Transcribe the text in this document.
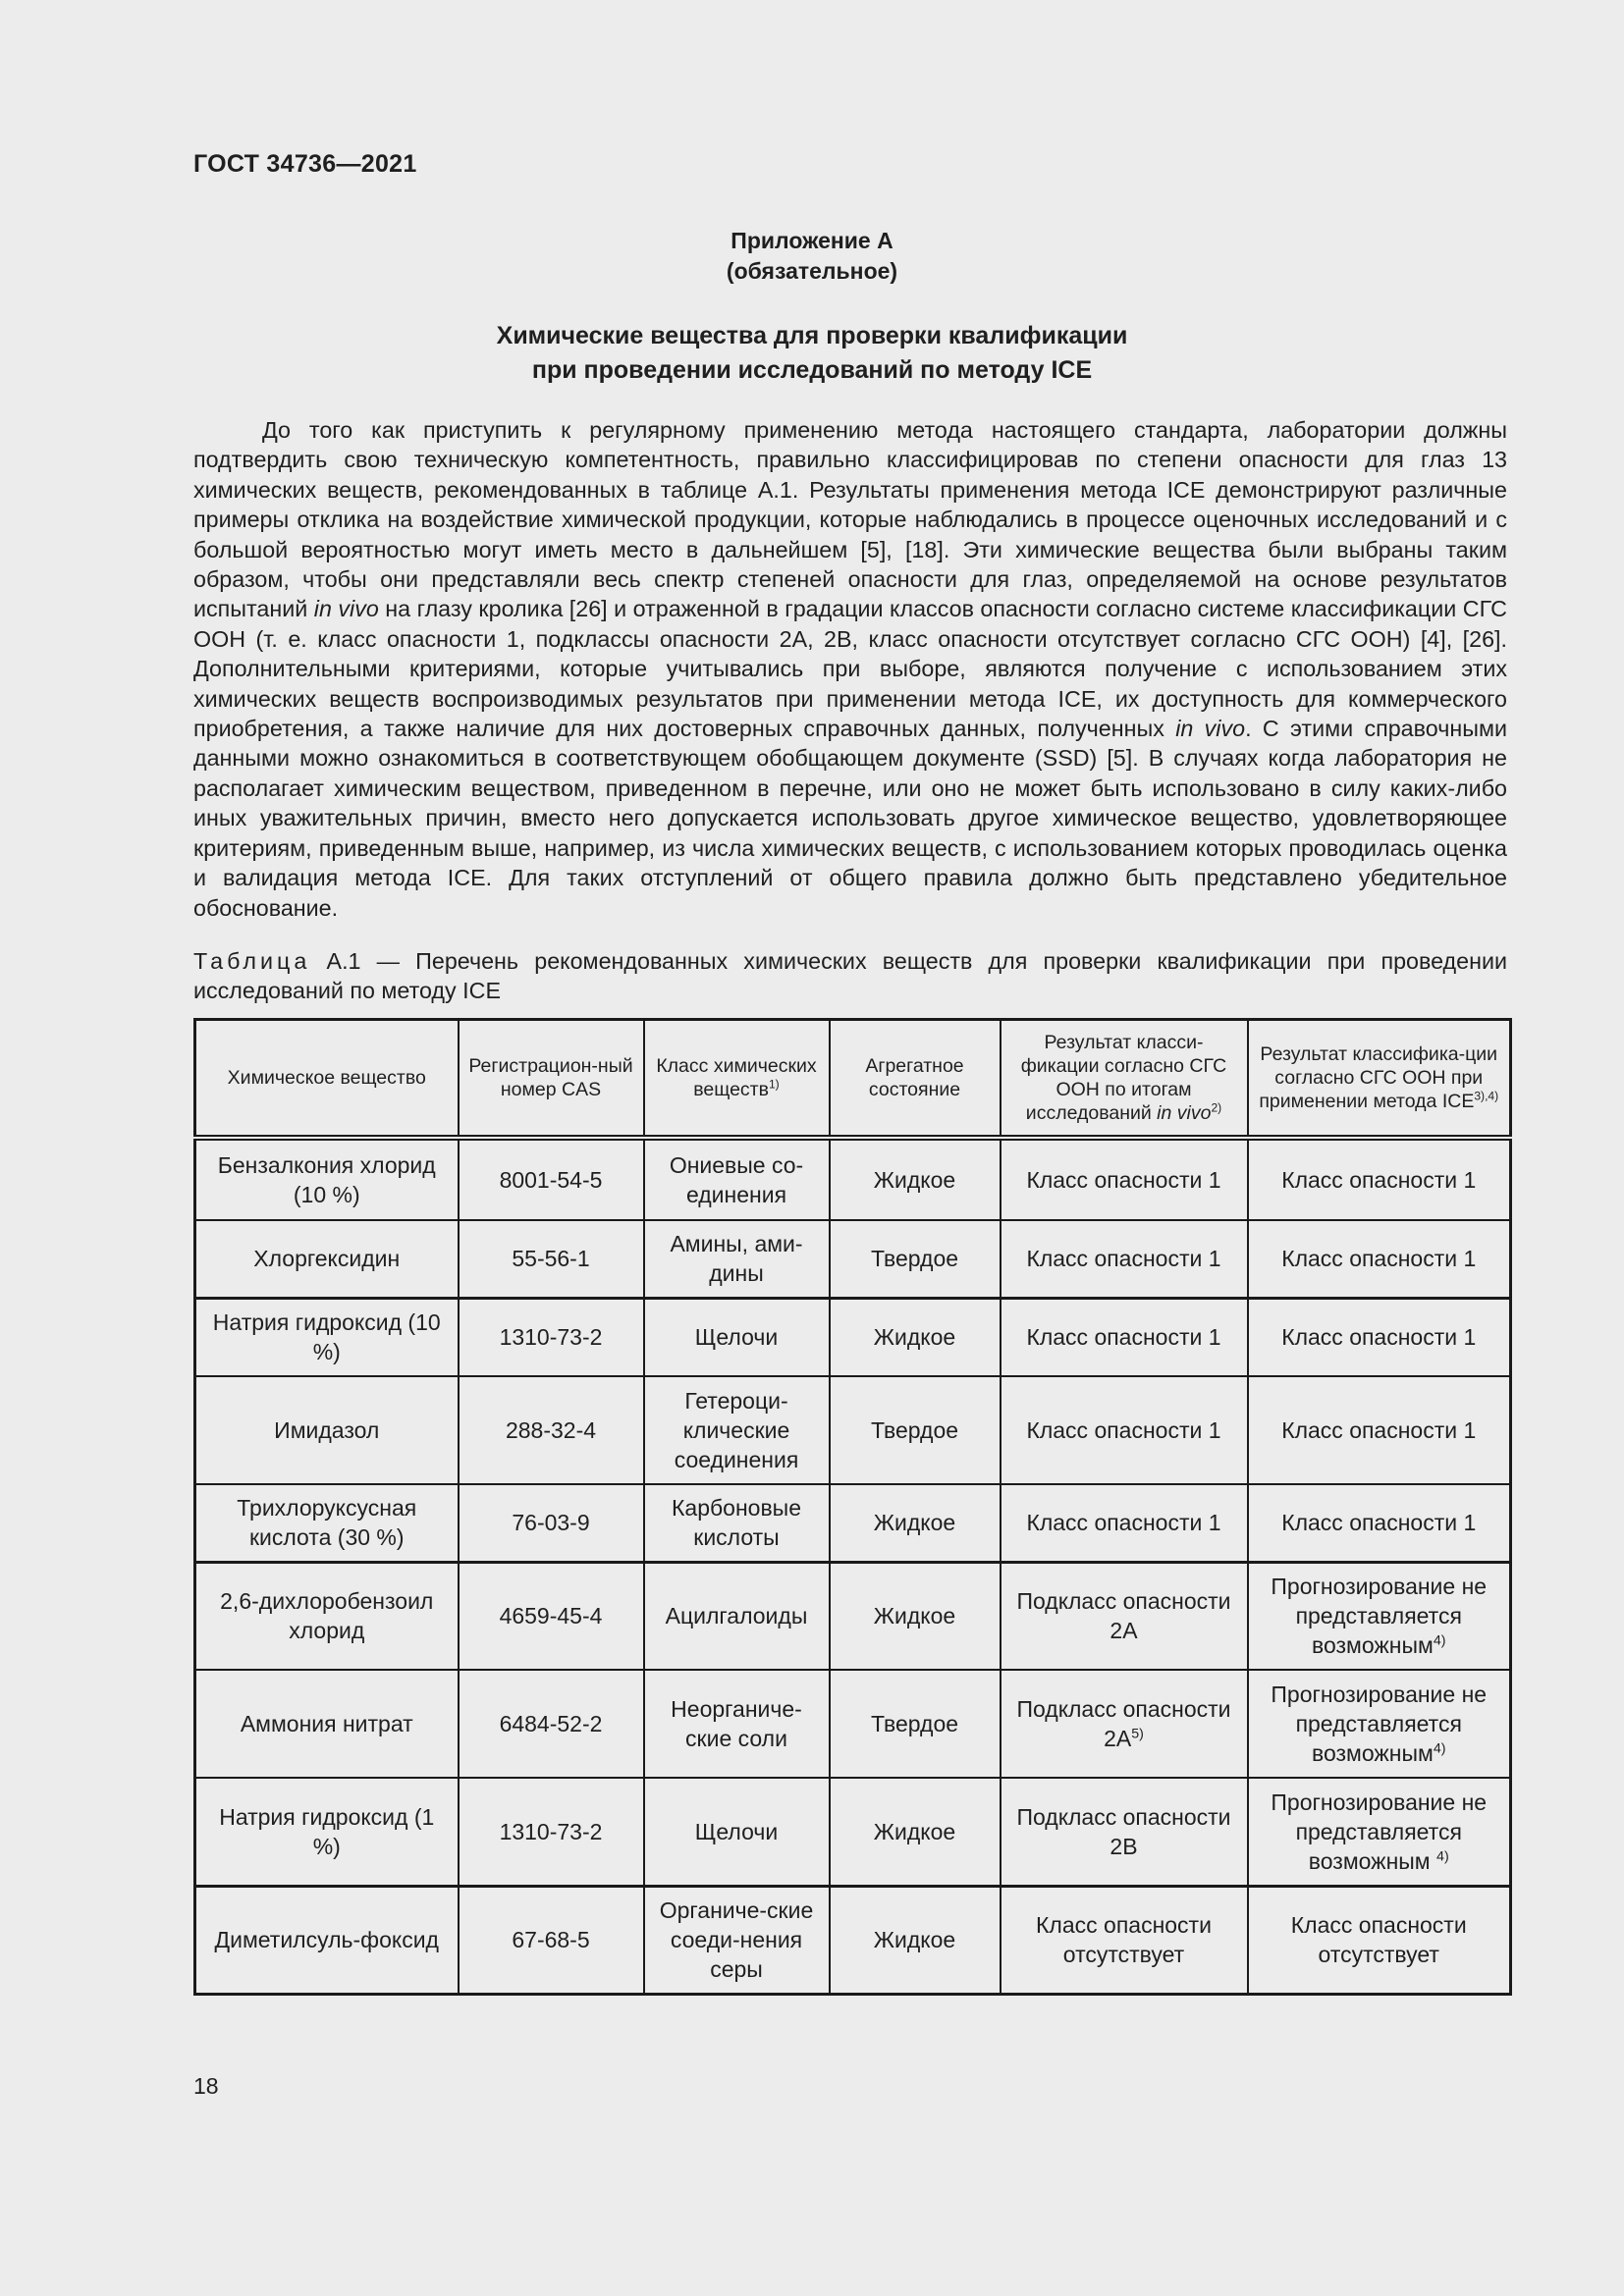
ГОСТ 34736—2021
Приложение А
(обязательное)
Химические вещества для проверки квалификации
при проведении исследований по методу ICE
До того как приступить к регулярному применению метода настоящего стандарта, лаборатории должны подтвердить свою техническую компетентность, правильно классифицировав по степени опасности для глаз 13 химических веществ, рекомендованных в таблице А.1. Результаты применения метода ICE демонстрируют различные примеры отклика на воздействие химической продукции, которые наблюдались в процессе оценочных исследований и с большой вероятностью могут иметь место в дальнейшем [5], [18]. Эти химические вещества были выбраны таким образом, чтобы они представляли весь спектр степеней опасности для глаз, определяемой на основе результатов испытаний in vivo на глазу кролика [26] и отраженной в градации классов опасности согласно системе классификации СГС ООН (т. е. класс опасности 1, подклассы опасности 2А, 2В, класс опасности отсутствует согласно СГС ООН) [4], [26]. Дополнительными критериями, которые учитывались при выборе, являются получение с использованием этих химических веществ воспроизводимых результатов при применении метода ICE, их доступность для коммерческого приобретения, а также наличие для них достоверных справочных данных, полученных in vivo. С этими справочными данными можно ознакомиться в соответствующем обобщающем документе (SSD) [5]. В случаях когда лаборатория не располагает химическим веществом, приведенном в перечне, или оно не может быть использовано в силу каких-либо иных уважительных причин, вместо него допускается использовать другое химическое вещество, удовлетворяющее критериям, приведенным выше, например, из числа химических веществ, с использованием которых проводилась оценка и валидация метода ICE. Для таких отступлений от общего правила должно быть представлено убедительное обоснование.
Таблица А.1 — Перечень рекомендованных химических веществ для проверки квалификации при проведении исследований по методу ICE
Химическое вещество	Регистрацион-ный номер CAS	Класс химических веществ$^{1)}$	Агрегатное состояние	Результат класси-фикации согласно СГС ООН по итогам исследований in vivo$^{2)}$	Результат классифика-ции согласно СГС ООН при применении метода $ICE^{3),4)}$
Бензалкония хлорид (10 %)	8001-54-5	Ониевые со-единения	Жидкое	Класс опасности 1	Класс опасности 1
Хлоргексидин	55-56-1	Амины, ами-дины	Твердое	Класс опасности 1	Класс опасности 1
Натрия гидроксид (10 %)	1310-73-2	Щелочи	Жидкое	Класс опасности 1	Класс опасности 1
Имидазол	288-32-4	Гетероци-клические соединения	Твердое	Класс опасности 1	Класс опасности 1
Трихлоруксусная кислота (30 %)	76-03-9	Карбоновые кислоты	Жидкое	Класс опасности 1	Класс опасности 1
2,6-дихлоробензоил хлорид	4659-45-4	Ацилгалоиды	Жидкое	Подкласс опасности 2А	Прогнозирование не представляется возможным$^{4)}$
Аммония нитрат	6484-52-2	Неорганиче-ские соли	Твердое	Подкласс опасности $2А^{5)}$	Прогнозирование не представляется возможным$^{4)}$
Натрия гидроксид (1 %)	1310-73-2	Щелочи	Жидкое	Подкласс опасности 2В	Прогнозирование не представляется возможным $^{4)}$
Диметилсуль-фоксид	67-68-5	Органиче-ские соеди-нения серы	Жидкое	Класс опасности отсутствует	Класс опасности отсутствует
18
